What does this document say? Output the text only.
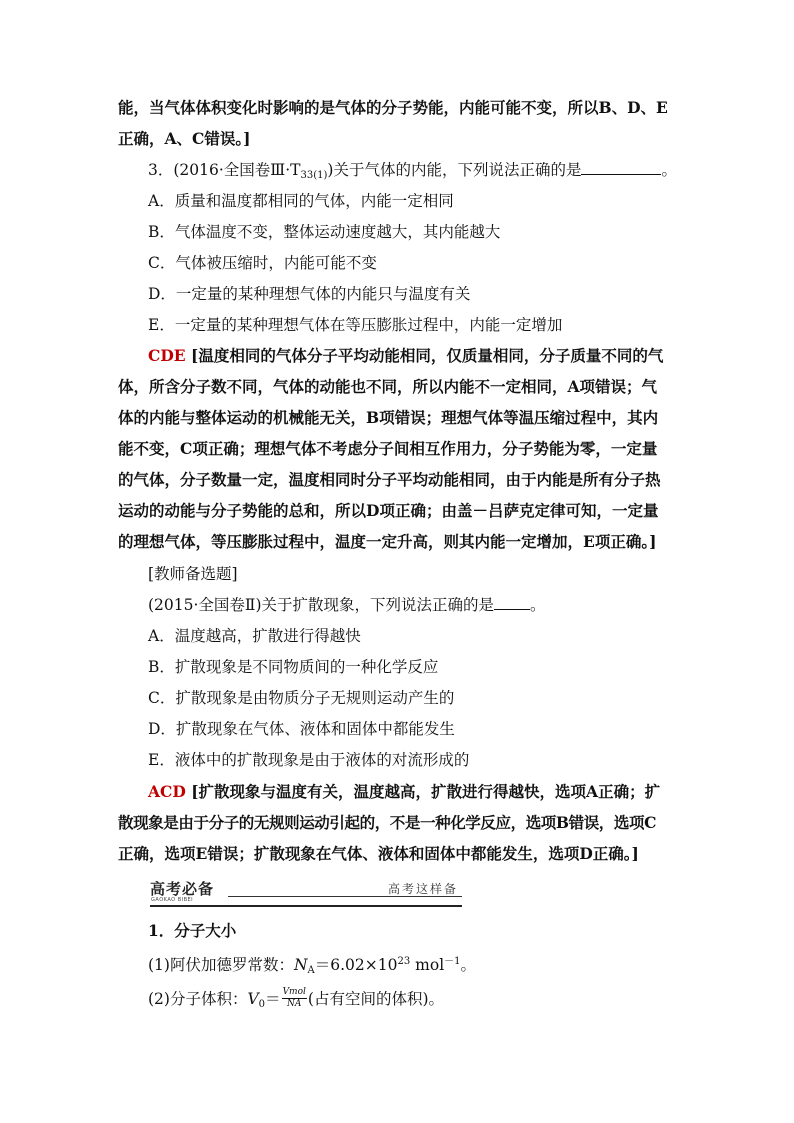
能，当气体体积变化时影响的是气体的分子势能，内能可能不变，所以B、D、E
正确，A、C错误。]
3．(2016·全国卷$Ⅲ\cdot T_{33(1)}$)关于气体的内能，下列说法正确的是	。
A．质量和温度都相同的气体，内能一定相同
B．气体温度不变，整体运动速度越大，其内能越大
C．气体被压缩时，内能可能不变
D．一定量的某种理想气体的内能只与温度有关
E．一定量的某种理想气体在等压膨胀过程中，内能一定增加
CDE [温度相同的气体分子平均动能相同，仅质量相同，分子质量不同的气
体，所含分子数不同，气体的动能也不同，所以内能不一定相同，A项错误；气
体的内能与整体运动的机械能无关，B项错误；理想气体等温压缩过程中，其内
能不变，C项正确；理想气体不考虑分子间相互作用力，分子势能为零，一定量
的气体，分子数量一定，温度相同时分子平均动能相同，由于内能是所有分子热
运动的动能与分子势能的总和，所以D项正确；由盖－吕萨克定律可知，一定量
的理想气体，等压膨胀过程中，温度一定升高，则其内能一定增加，E项正确。]
[教师备选题]
(2015·全国卷Ⅱ)关于扩散现象，下列说法正确的是 。
A．温度越高，扩散进行得越快
B．扩散现象是不同物质间的一种化学反应
C．扩散现象是由物质分子无规则运动产生的
D．扩散现象在气体、液体和固体中都能发生
E．液体中的扩散现象是由于液体的对流形成的
ACD [扩散现象与温度有关，温度越高，扩散进行得越快，选项A正确；扩
散现象是由于分子的无规则运动引起的，不是一种化学反应，选项B错误，选项C
正确，选项E错误；扩散现象在气体、液体和固体中都能发生，选项D正确。]
高考必备
GAOKAO BIBEI
高考这样备
1．分子大小
(1)阿伏加德罗常数：$N_A=6.02\times 10^{23}$ mol$^{-1}$。
(2)分子体积：$V_0= \frac{\text{Vmol}}{NA}$ (占有空间的体积)。
